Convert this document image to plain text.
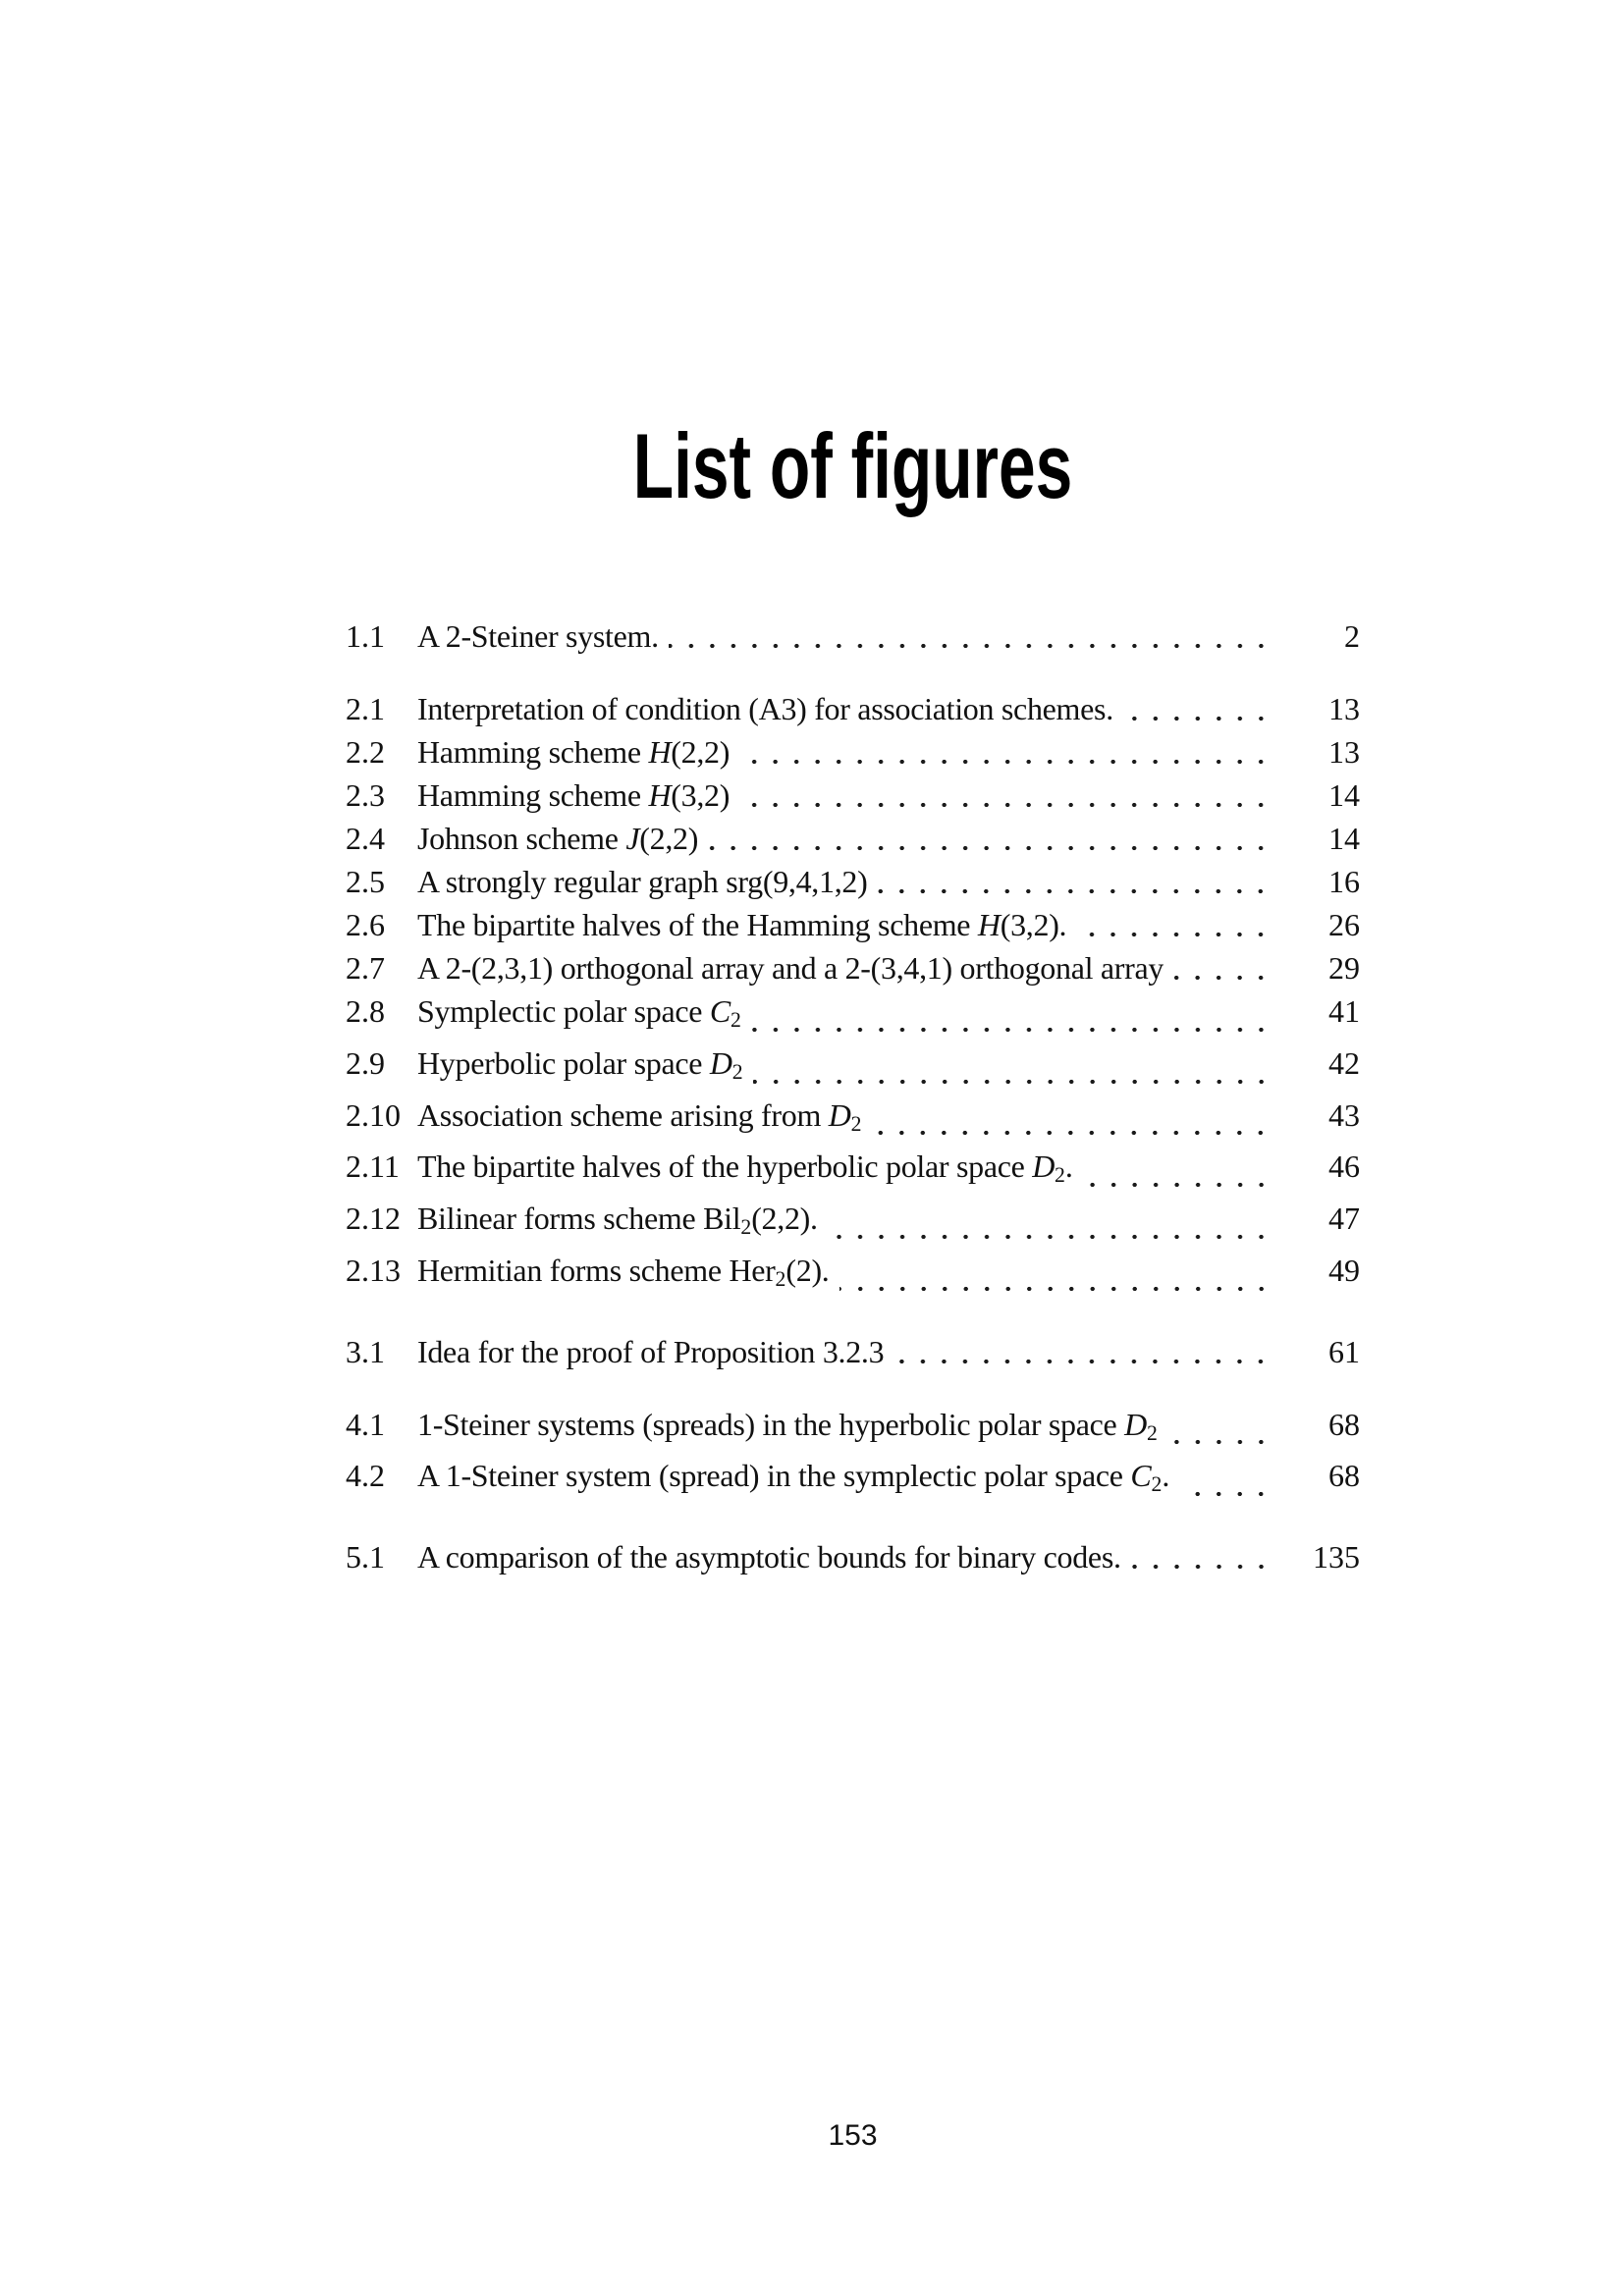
List of figures
1.1	A 2-Steiner system.	2
2.1	Interpretation of condition (A3) for association schemes.	13
2.2	Hamming scheme H(2,2)	13
2.3	Hamming scheme H(3,2)	14
2.4	Johnson scheme J(2,2)	14
2.5	A strongly regular graph srg(9,4,1,2)	16
2.6	The bipartite halves of the Hamming scheme H(3,2).	26
2.7	A 2-(2,3,1) orthogonal array and a 2-(3,4,1) orthogonal array	29
2.8	Symplectic polar space C2	41
2.9	Hyperbolic polar space D2	42
2.10 Association scheme arising from D2	43
2.11 The bipartite halves of the hyperbolic polar space D2.	46
2.12 Bilinear forms scheme Bil2(2,2).	47
2.13 Hermitian forms scheme Her2(2).	49
3.1	Idea for the proof of Proposition 3.2.3	61
4.1	1-Steiner systems (spreads) in the hyperbolic polar space D2	68
4.2	A 1-Steiner system (spread) in the symplectic polar space C2.	68
5.1	A comparison of the asymptotic bounds for binary codes.	135
153
